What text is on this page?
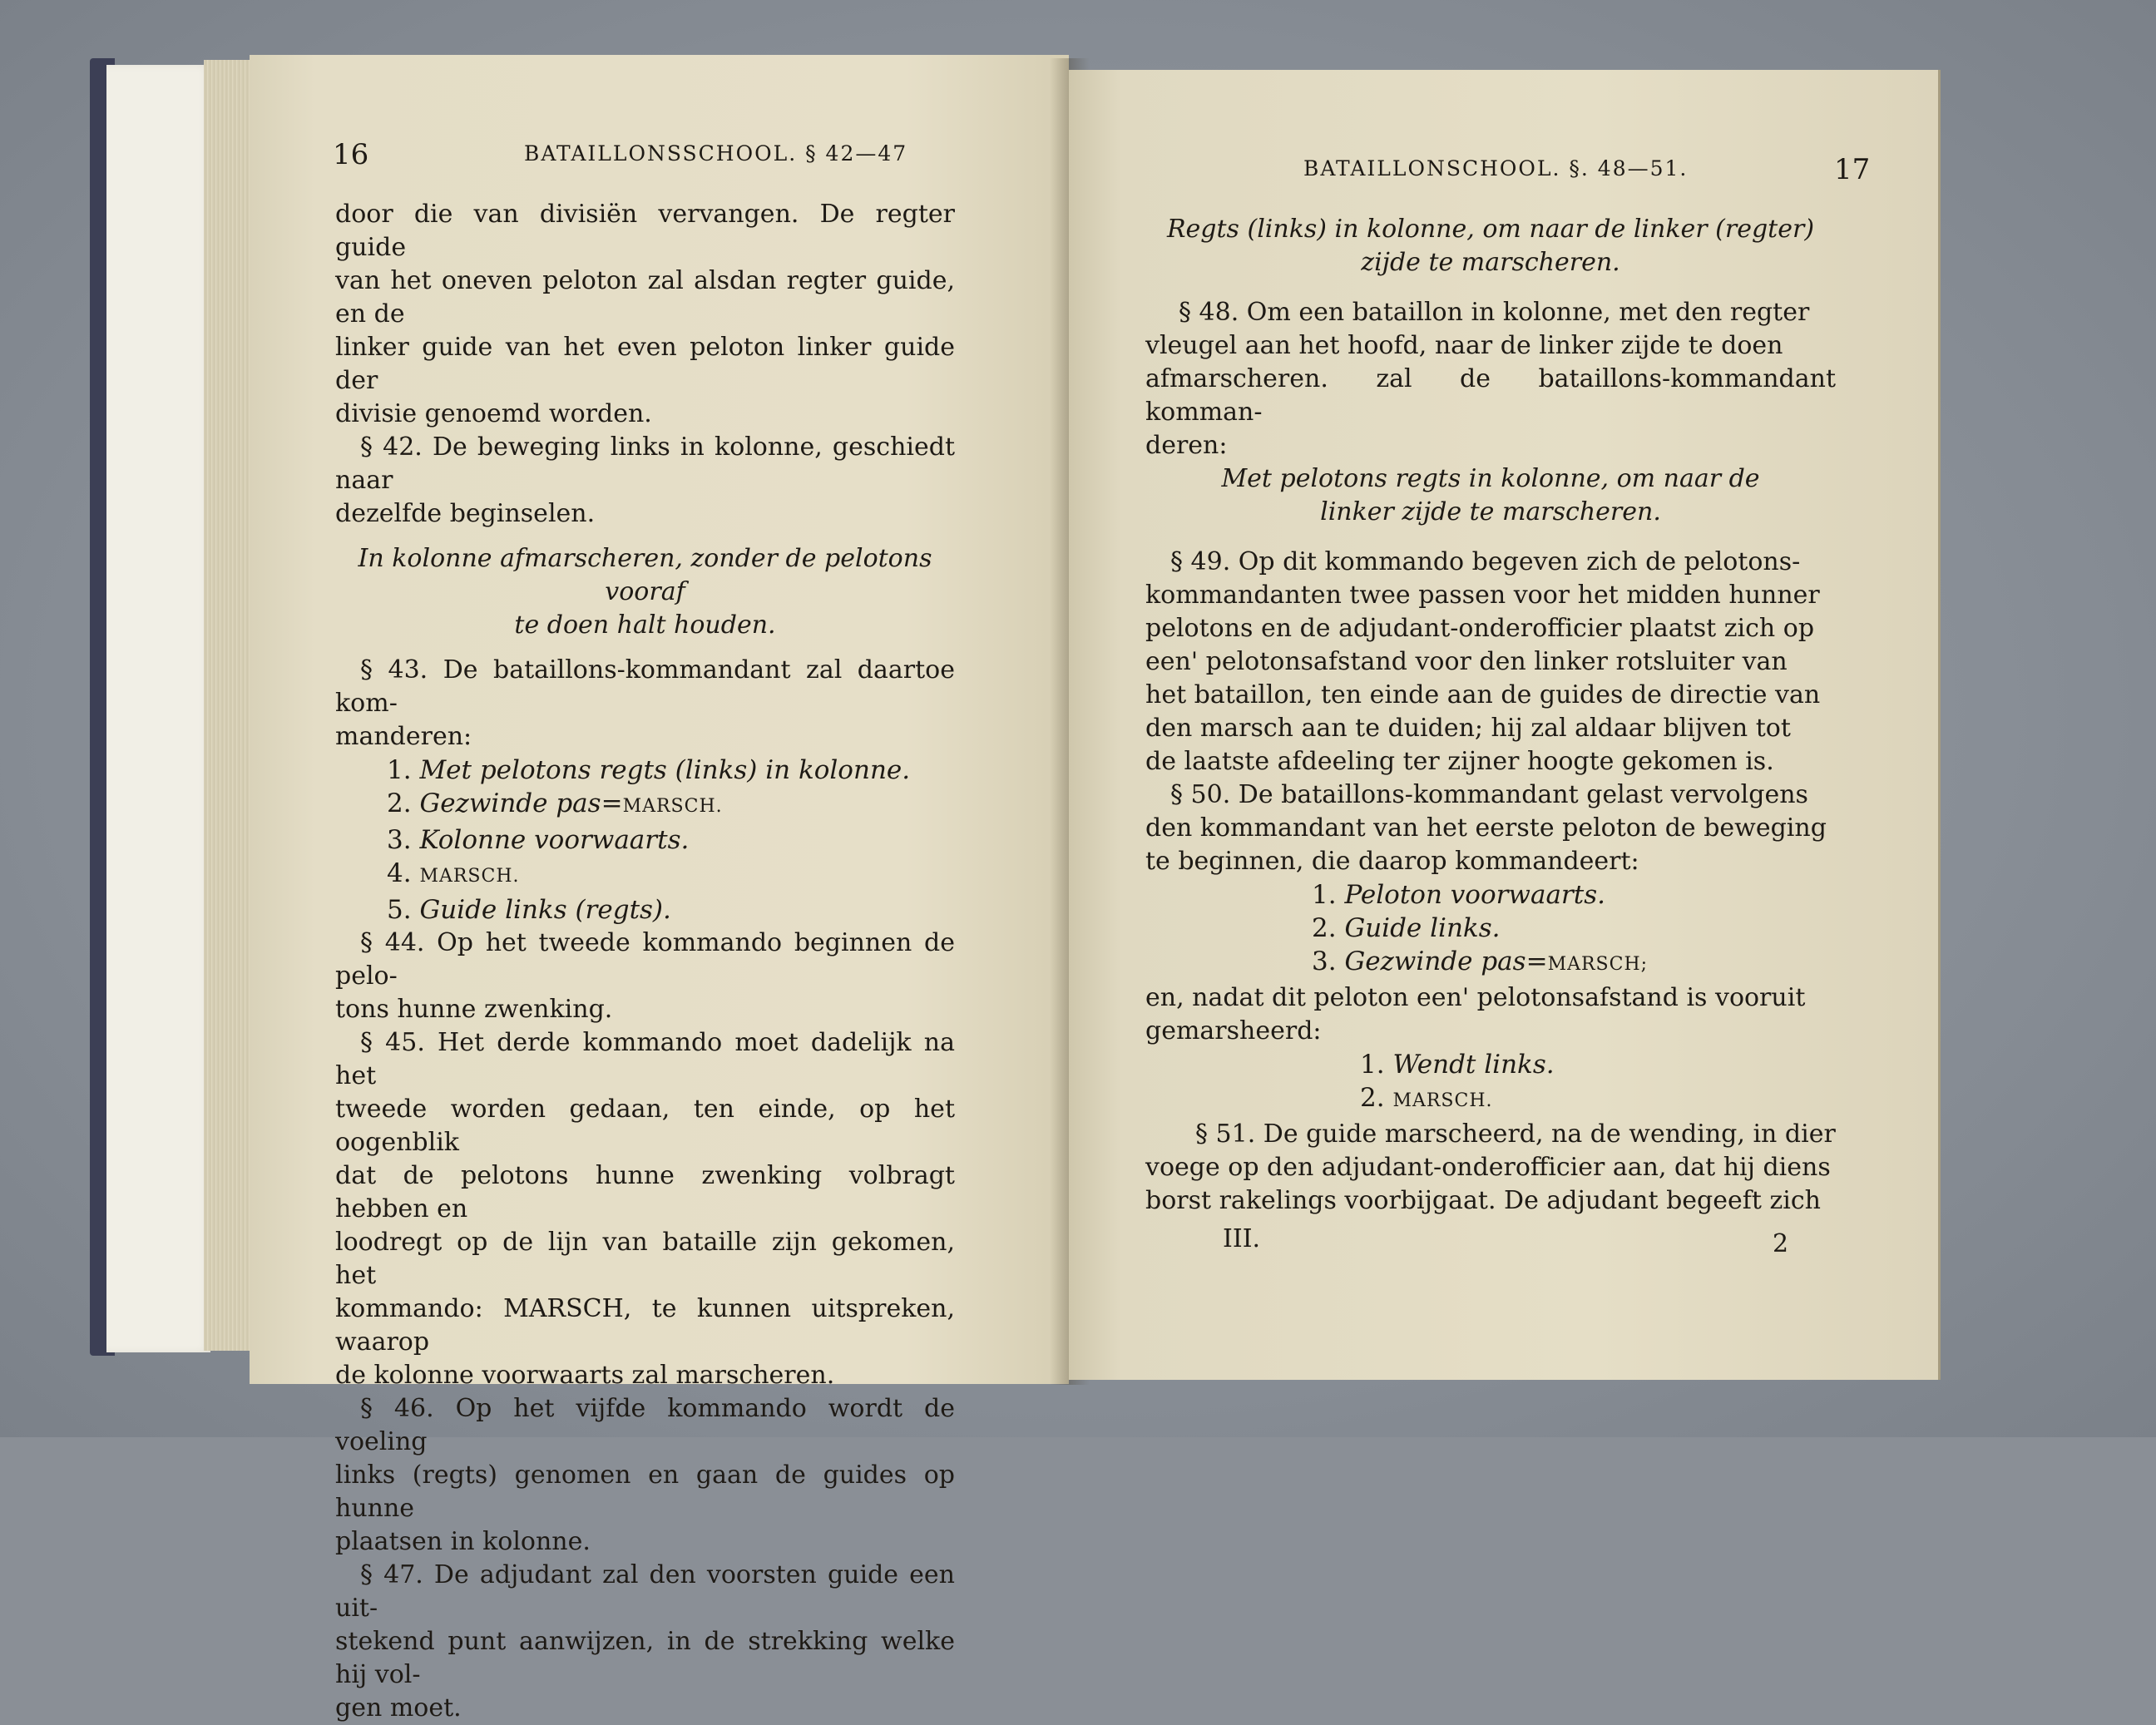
16	BATAILLONSSCHOOL. § 42—47

door die van divisiën vervangen. De regter guide

van het oneven peloton zal alsdan regter guide, en de

linker guide van het even peloton linker guide der

divisie genoemd worden.

§ 42. De beweging links in kolonne, geschiedt naar

dezelfde beginselen.

In kolonne afmarscheren, zonder de pelotons vooraf
te doen halt houden.

§ 43. De bataillons-kommandant zal daartoe kom-

manderen:

1. Met pelotons regts (links) in kolonne.
2. Gezwinde pas=MARSCH.
3. Kolonne voorwaarts.
4. MARSCH.
5. Guide links (regts).

§ 44. Op het tweede kommando beginnen de pelo-

tons hunne zwenking.

§ 45. Het derde kommando moet dadelijk na het

tweede worden gedaan, ten einde, op het oogenblik

dat de pelotons hunne zwenking volbragt hebben en

loodregt op de lijn van bataille zijn gekomen, het

kommando: MARSCH, te kunnen uitspreken, waarop

de kolonne voorwaarts zal marscheren.

§ 46. Op het vijfde kommando wordt de voeling

links (regts) genomen en gaan de guides op hunne

plaatsen in kolonne.

§ 47. De adjudant zal den voorsten guide een uit-

stekend punt aanwijzen, in de strekking welke hij vol-

gen moet.

BATAILLONSCHOOL. §. 48—51.	17
Regts (links) in kolonne, om naar de linker (regter)
zijde te marscheren.

§ 48. Om een bataillon in kolonne, met den regter

vleugel aan het hoofd, naar de linker zijde te doen

afmarscheren. zal de bataillons-kommandant komman-

deren:

Met pelotons regts in kolonne, om naar de
linker zijde te marscheren.

§ 49. Op dit kommando begeven zich de pelotons-

kommandanten twee passen voor het midden hunner

pelotons en de adjudant-onderofficier plaatst zich op

een' pelotonsafstand voor den linker rotsluiter van

het bataillon, ten einde aan de guides de directie van

den marsch aan te duiden; hij zal aldaar blijven tot

de laatste afdeeling ter zijner hoogte gekomen is.

§ 50. De bataillons-kommandant gelast vervolgens

den kommandant van het eerste peloton de beweging

te beginnen, die daarop kommandeert:

1. Peloton voorwaarts.
2. Guide links.
3. Gezwinde pas=MARSCH;

en, nadat dit peloton een' pelotonsafstand is vooruit

gemarsheerd:

1. Wendt links.
2. MARSCH.

§ 51. De guide marscheerd, na de wending, in dier

voege op den adjudant-onderofficier aan, dat hij diens

borst rakelings voorbijgaat. De adjudant begeeft zich

III.	2
